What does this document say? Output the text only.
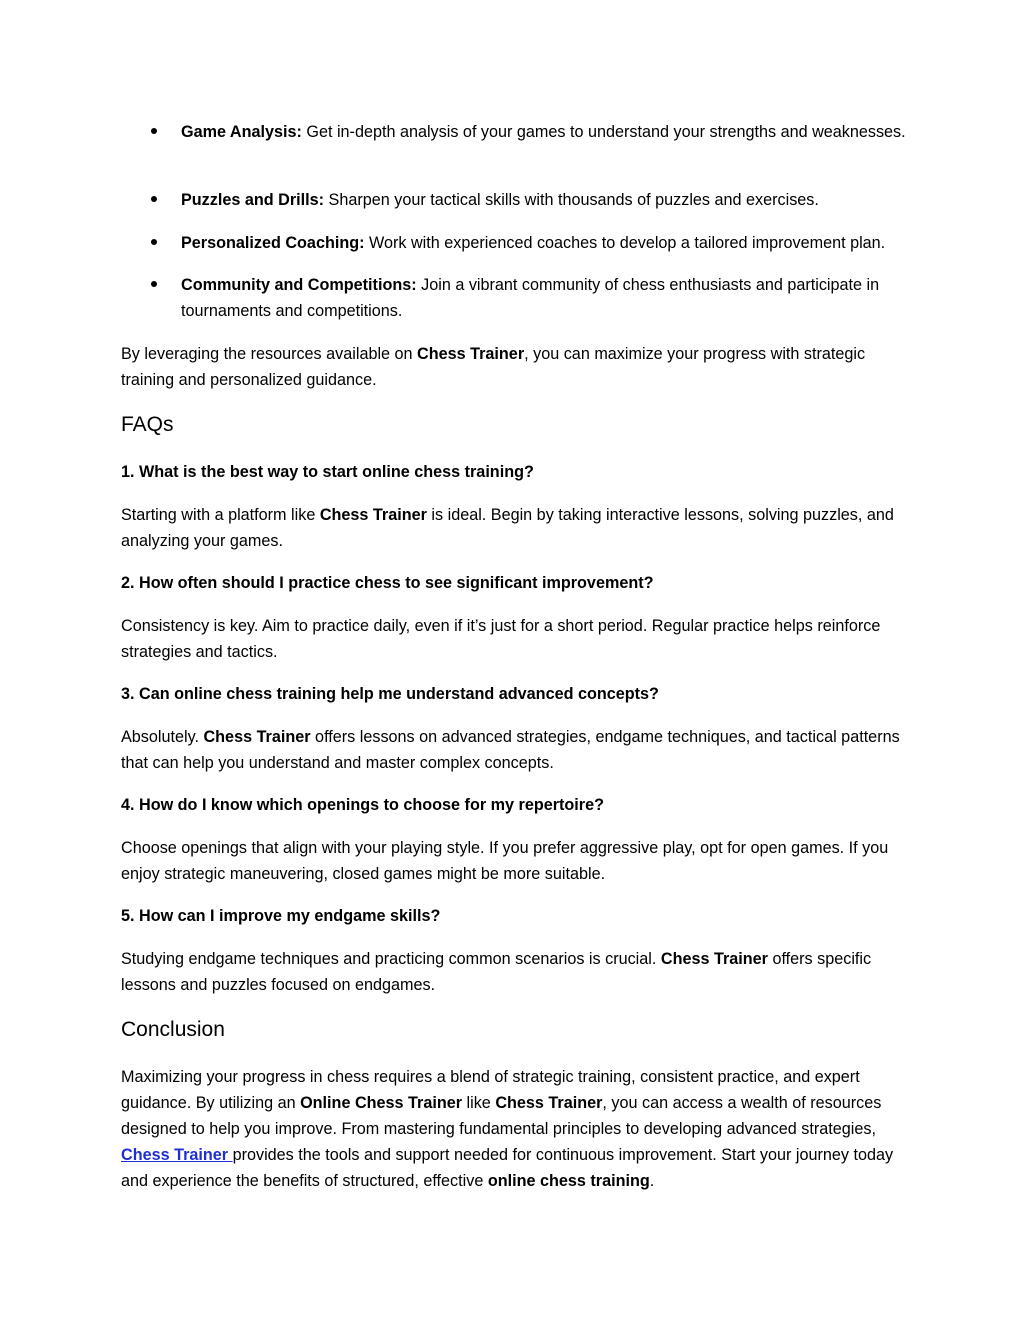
Game Analysis: Get in-depth analysis of your games to understand your strengths and weaknesses.
Puzzles and Drills: Sharpen your tactical skills with thousands of puzzles and exercises.
Personalized Coaching: Work with experienced coaches to develop a tailored improvement plan.
Community and Competitions: Join a vibrant community of chess enthusiasts and participate in tournaments and competitions.

By leveraging the resources available on Chess Trainer, you can maximize your progress with strategic training and personalized guidance.

FAQs

1. What is the best way to start online chess training?

Starting with a platform like Chess Trainer is ideal. Begin by taking interactive lessons, solving puzzles, and analyzing your games.

2. How often should I practice chess to see significant improvement?

Consistency is key. Aim to practice daily, even if it’s just for a short period. Regular practice helps reinforce strategies and tactics.

3. Can online chess training help me understand advanced concepts?

Absolutely. Chess Trainer offers lessons on advanced strategies, endgame techniques, and tactical patterns that can help you understand and master complex concepts.

4. How do I know which openings to choose for my repertoire?

Choose openings that align with your playing style. If you prefer aggressive play, opt for open games. If you enjoy strategic maneuvering, closed games might be more suitable.

5. How can I improve my endgame skills?

Studying endgame techniques and practicing common scenarios is crucial. Chess Trainer offers specific lessons and puzzles focused on endgames.

Conclusion

Maximizing your progress in chess requires a blend of strategic training, consistent practice, and expert guidance. By utilizing an Online Chess Trainer like Chess Trainer, you can access a wealth of resources designed to help you improve. From mastering fundamental principles to developing advanced strategies, Chess Trainer provides the tools and support needed for continuous improvement. Start your journey today and experience the benefits of structured, effective online chess training.
